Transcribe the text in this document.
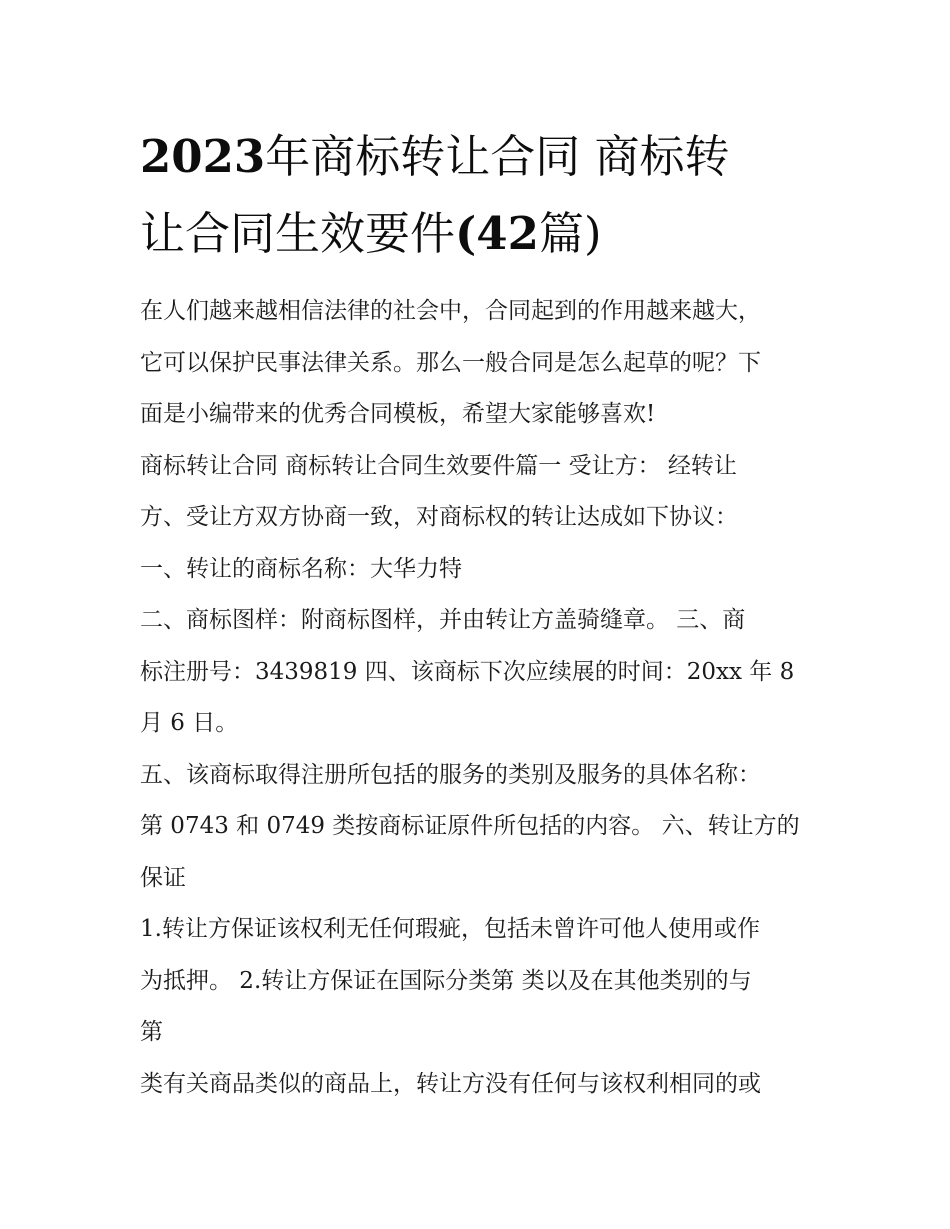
2023年商标转让合同 商标转
让合同生效要件(42篇)

在人们越来越相信法律的社会中，合同起到的作用越来越大，
它可以保护民事法律关系。那么一般合同是怎么起草的呢？下
面是小编带来的优秀合同模板，希望大家能够喜欢!

商标转让合同 商标转让合同生效要件篇一 受让方： 经转让
方、受让方双方协商一致，对商标权的转让达成如下协议：

一、转让的商标名称：大华力特

二、商标图样：附商标图样，并由转让方盖骑缝章。 三、商
标注册号：3439819 四、该商标下次应续展的时间：20xx 年 8
月 6 日。

五、该商标取得注册所包括的服务的类别及服务的具体名称：
第 0743 和 0749 类按商标证原件所包括的内容。 六、转让方的
保证

1.转让方保证该权利无任何瑕疵，包括未曾许可他人使用或作
为抵押。 2.转让方保证在国际分类第 类以及在其他类别的与
第

类有关商品类似的商品上，转让方没有任何与该权利相同的或
